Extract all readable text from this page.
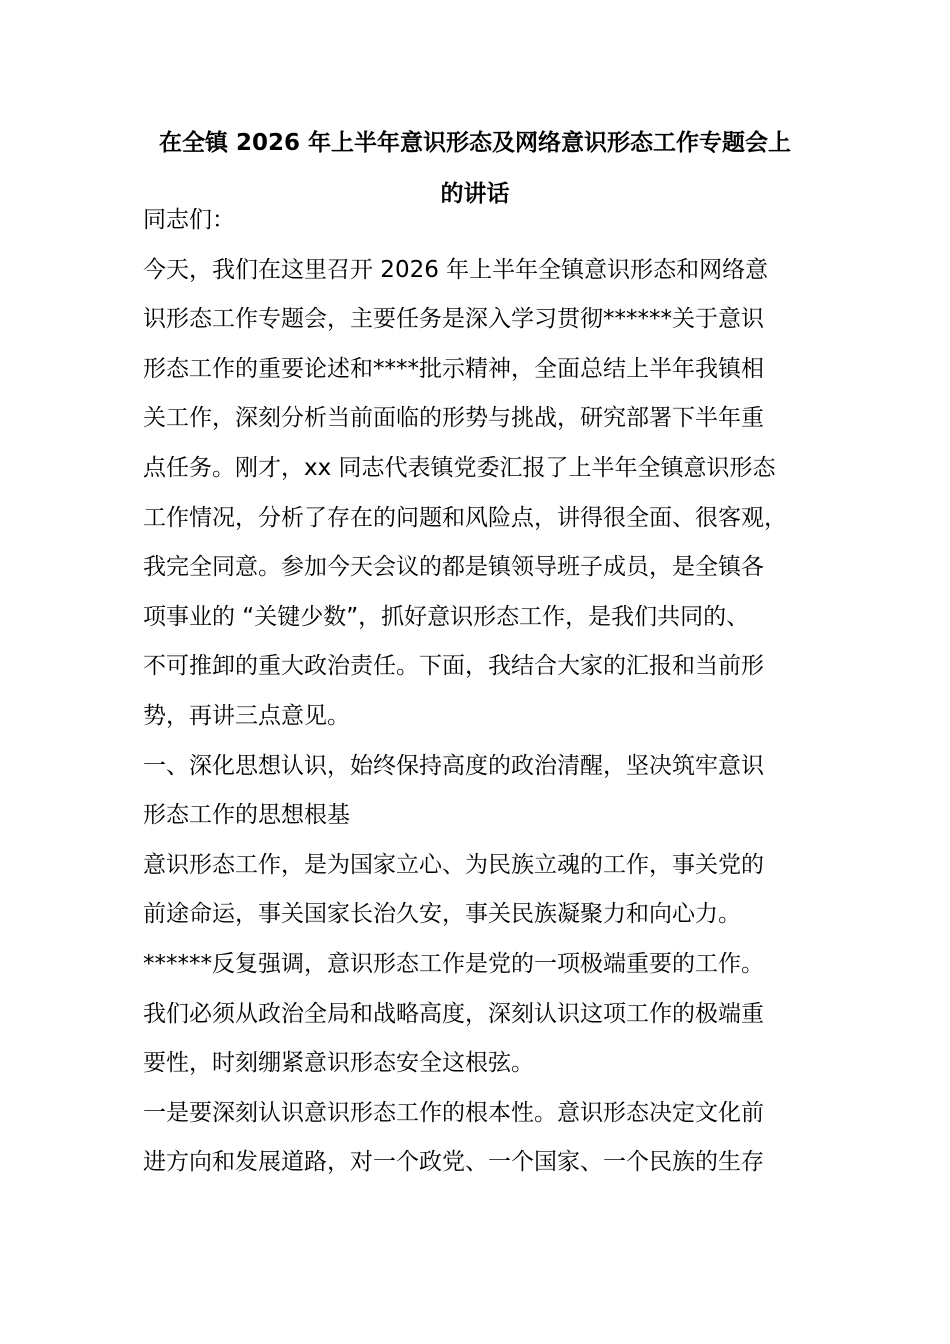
在全镇 2026 年上半年意识形态及网络意识形态工作专题会上
的讲话
同志们：
今天，我们在这里召开 2026 年上半年全镇意识形态和网络意
识形态工作专题会，主要任务是深入学习贯彻******关于意识
形态工作的重要论述和****批示精神，全面总结上半年我镇相
关工作，深刻分析当前面临的形势与挑战，研究部署下半年重
点任务。刚才，xx 同志代表镇党委汇报了上半年全镇意识形态
工作情况，分析了存在的问题和风险点，讲得很全面、很客观，
我完全同意。参加今天会议的都是镇领导班子成员，是全镇各
项事业的 “关键少数”，抓好意识形态工作，是我们共同的、
不可推卸的重大政治责任。下面，我结合大家的汇报和当前形
势，再讲三点意见。
一、深化思想认识，始终保持高度的政治清醒，坚决筑牢意识
形态工作的思想根基
意识形态工作，是为国家立心、为民族立魂的工作，事关党的
前途命运，事关国家长治久安，事关民族凝聚力和向心力。
******反复强调，意识形态工作是党的一项极端重要的工作。
我们必须从政治全局和战略高度，深刻认识这项工作的极端重
要性，时刻绷紧意识形态安全这根弦。
一是要深刻认识意识形态工作的根本性。意识形态决定文化前
进方向和发展道路，对一个政党、一个国家、一个民族的生存
